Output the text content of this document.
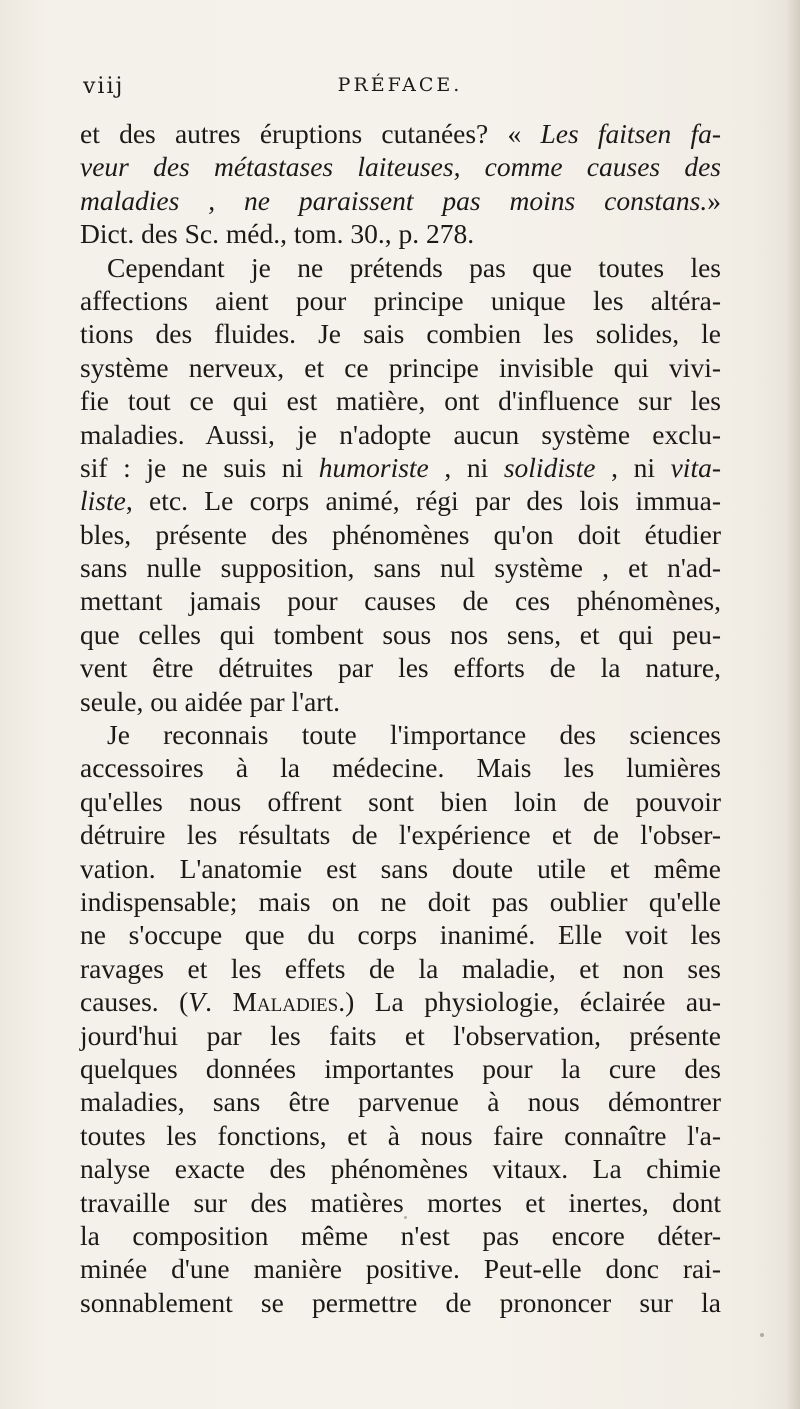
viij	PRÉFACE.
et des autres éruptions cutanées? « Les faitsen fa-
veur des métastases laiteuses, comme causes des
maladies , ne paraissent pas moins constans.»
Dict. des Sc. méd., tom. 30., p. 278.
Cependant je ne prétends pas que toutes les
affections aient pour principe unique les altéra-
tions des fluides. Je sais combien les solides, le
système nerveux, et ce principe invisible qui vivi-
fie tout ce qui est matière, ont d'influence sur les
maladies. Aussi, je n'adopte aucun système exclu-
sif : je ne suis ni humoriste , ni solidiste , ni vita-
liste, etc. Le corps animé, régi par des lois immua-
bles, présente des phénomènes qu'on doit étudier
sans nulle supposition, sans nul système , et n'ad-
mettant jamais pour causes de ces phénomènes,
que celles qui tombent sous nos sens, et qui peu-
vent être détruites par les efforts de la nature,
seule, ou aidée par l'art.
Je reconnais toute l'importance des sciences
accessoires à la médecine. Mais les lumières
qu'elles nous offrent sont bien loin de pouvoir
détruire les résultats de l'expérience et de l'obser-
vation. L'anatomie est sans doute utile et même
indispensable; mais on ne doit pas oublier qu'elle
ne s'occupe que du corps inanimé. Elle voit les
ravages et les effets de la maladie, et non ses
causes. (V. Maladies.) La physiologie, éclairée au-
jourd'hui par les faits et l'observation, présente
quelques données importantes pour la cure des
maladies, sans être parvenue à nous démontrer
toutes les fonctions, et à nous faire connaître l'a-
nalyse exacte des phénomènes vitaux. La chimie
travaille sur des matières mortes et inertes, dont
la composition même n'est pas encore déter-
minée d'une manière positive. Peut-elle donc rai-
sonnablement se permettre de prononcer sur la
